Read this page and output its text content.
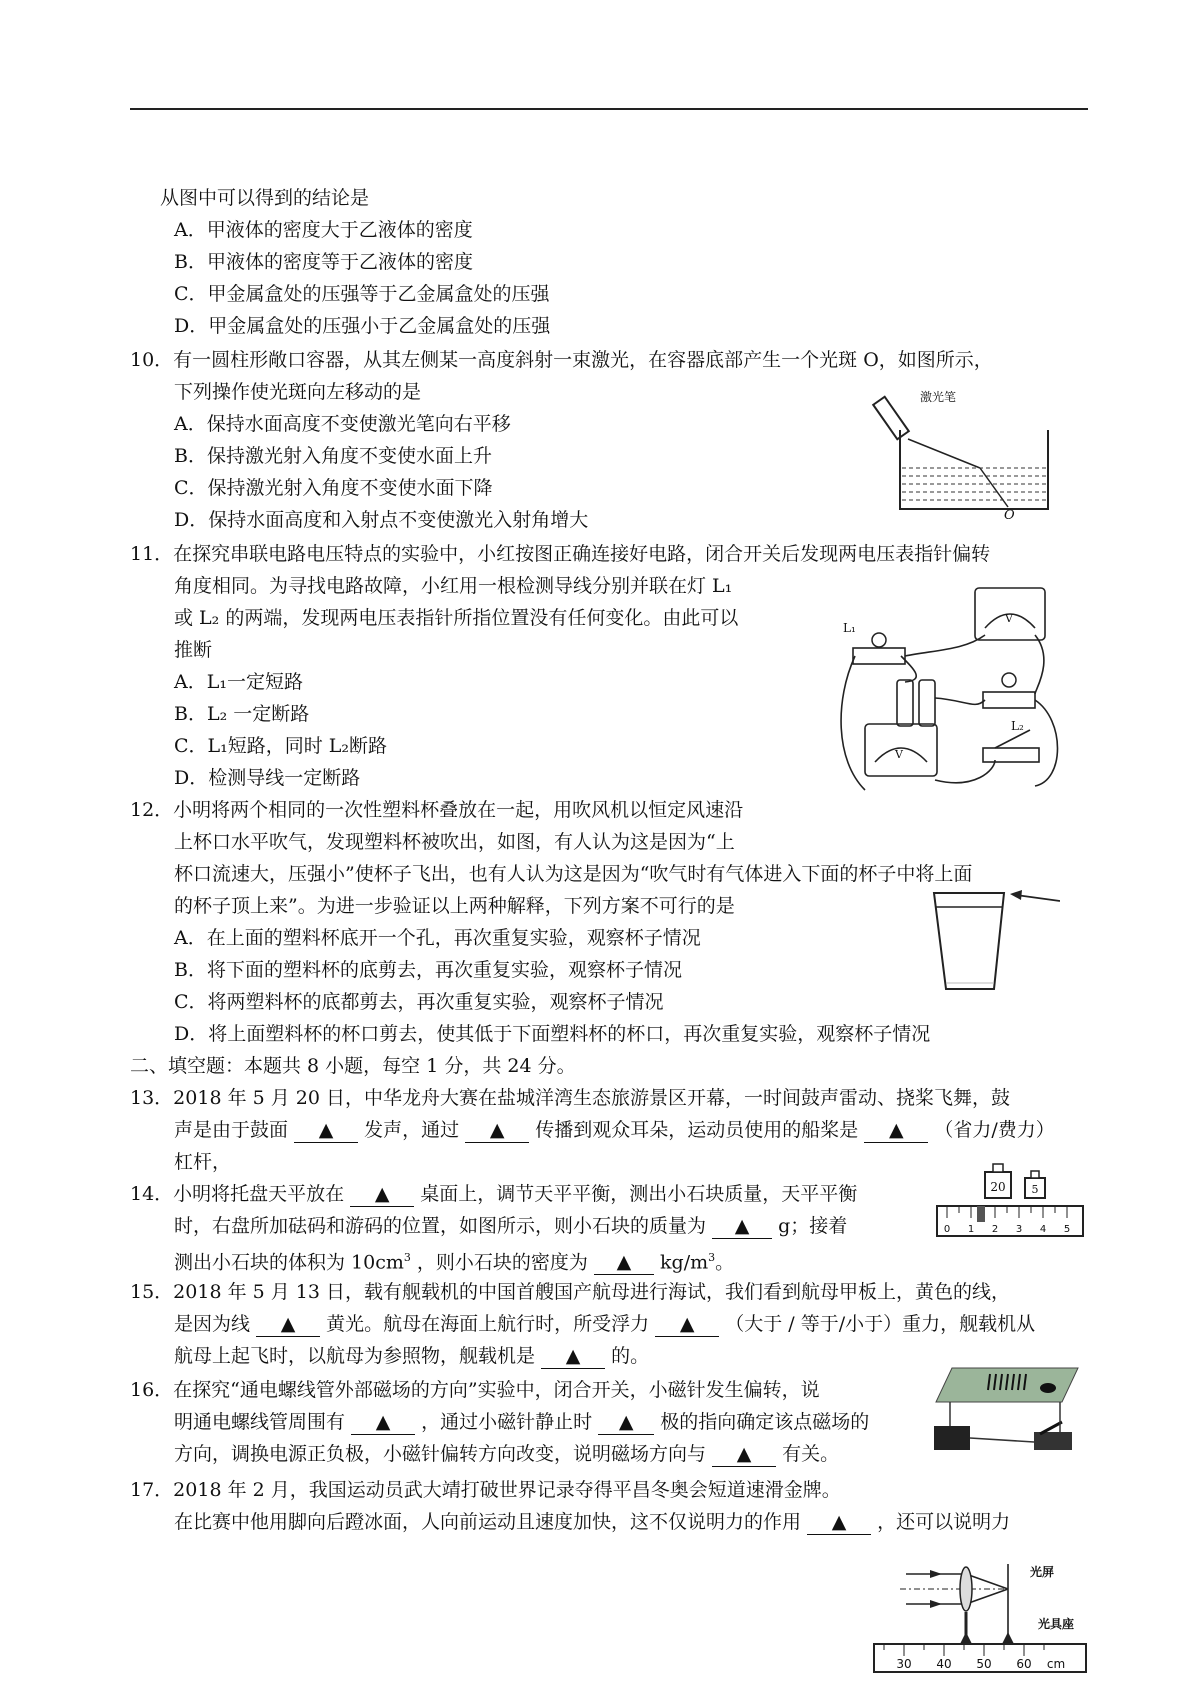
从图中可以得到的结论是
A．甲液体的密度大于乙液体的密度
B．甲液体的密度等于乙液体的密度
C．甲金属盒处的压强等于乙金属盒处的压强
D．甲金属盒处的压强小于乙金属盒处的压强
10．有一圆柱形敞口容器，从其左侧某一高度斜射一束激光，在容器底部产生一个光斑 O，如图所示，
下列操作使光斑向左移动的是
A．保持水面高度不变使激光笔向右平移
B．保持激光射入角度不变使水面上升
C．保持激光射入角度不变使水面下降
D．保持水面高度和入射点不变使激光入射角增大
激光笔
O
11．在探究串联电路电压特点的实验中，小红按图正确连接好电路，闭合开关后发现两电压表指针偏转
角度相同。为寻找电路故障，小红用一根检测导线分别并联在灯 L₁
或 L₂ 的两端，发现两电压表指针所指位置没有任何变化。由此可以
推断
A．L₁一定短路
B．L₂ 一定断路
C．L₁短路，同时 L₂断路
D．检测导线一定断路
L₁
L₂
V
V
12．小明将两个相同的一次性塑料杯叠放在一起，用吹风机以恒定风速沿
上杯口水平吹气，发现塑料杯被吹出，如图，有人认为这是因为“上
杯口流速大，压强小”使杯子飞出，也有人认为这是因为“吹气时有气体进入下面的杯子中将上面
的杯子顶上来”。为进一步验证以上两种解释，下列方案不可行的是
A．在上面的塑料杯底开一个孔，再次重复实验，观察杯子情况
B．将下面的塑料杯的底剪去，再次重复实验，观察杯子情况
C．将两塑料杯的底都剪去，再次重复实验，观察杯子情况
D．将上面塑料杯的杯口剪去，使其低于下面塑料杯的杯口，再次重复实验，观察杯子情况
二、填空题：本题共 8 小题，每空 1 分，共 24 分。
13．2018 年 5 月 20 日，中华龙舟大赛在盐城洋湾生态旅游景区开幕，一时间鼓声雷动、挠桨飞舞，鼓
声是由于鼓面 ▲ 发声，通过 ▲ 传播到观众耳朵，运动员使用的船桨是 ▲ （省力/费力）
杠杆，
14．小明将托盘天平放在 ▲ 桌面上，调节天平平衡，测出小石块质量，天平平衡
时，右盘所加砝码和游码的位置，如图所示，则小石块的质量为 ▲ g；接着
测出小石块的体积为 $10cm^3$ ，则小石块的密度为 ▲ $kg/m^3$。
20 5
0 1 2 3 4 5
15．2018 年 5 月 13 日，载有舰载机的中国首艘国产航母进行海试，我们看到航母甲板上，黄色的线，
是因为线 ▲ 黄光。航母在海面上航行时，所受浮力 ▲ （大于 / 等于/小于）重力，舰载机从
航母上起飞时，以航母为参照物，舰载机是 ▲ 的。
16．在探究“通电螺线管外部磁场的方向”实验中，闭合开关，小磁针发生偏转，说
明通电螺线管周围有 ▲ ，通过小磁针静止时 ▲ 极的指向确定该点磁场的
方向，调换电源正负极，小磁针偏转方向改变，说明磁场方向与 ▲ 有关。
17．2018 年 2 月，我国运动员武大靖打破世界记录夺得平昌冬奥会短道速滑金牌。
在比赛中他用脚向后蹬冰面，人向前运动且速度加快，这不仅说明力的作用 ▲ ，还可以说明力
光屏
光具座
30 40 50 60 cm
